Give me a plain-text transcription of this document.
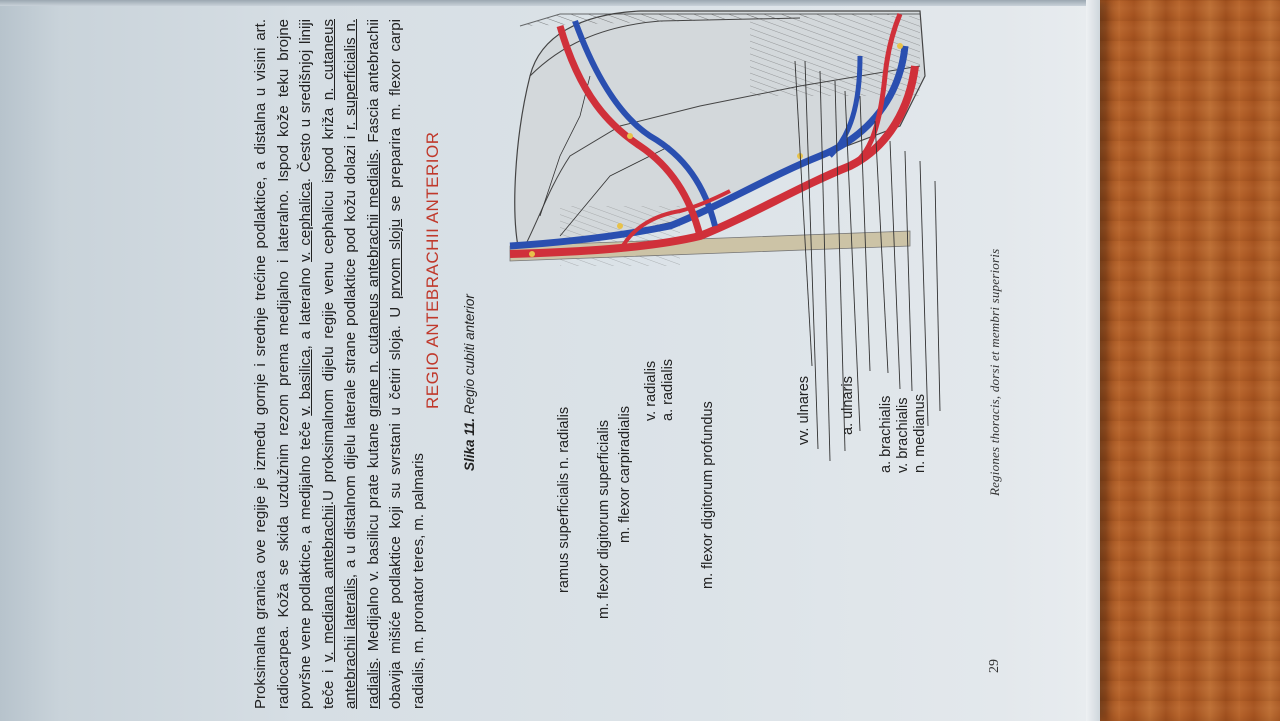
Regiones thoracis, dorsi et membri superioris
29
n. medianus
v. brachialis
a. brachialis
a. ulnaris
vv. ulnares
m. flexor digitorum profundus
a. radialis
v. radialis
m. flexor carpiradialis
m. flexor digitorum superficialis
ramus superficialis n. radialis
Slika 11. Regio cubiti anterior
REGIO ANTEBRACHII ANTERIOR

Proksimalna granica ove regije je između gornje i srednje trećine podlaktice, a distalna u visini art. radiocarpea. Koža se skida uzdužnim rezom prema medijalno i lateralno. Ispod kože teku brojne površne vene podlaktice, a medijalno teče v. basilica, a lateralno v. cephalica. Često u središnjoj liniji teče i v. mediana antebrachii.U proksimalnom dijelu regije venu cephalicu ispod križa n. cutaneus antebrachii lateralis, a u distalnom dijelu laterale strane podlaktice pod kožu dolazi i r. superficialis n. radialis. Medijalno v. basilicu prate kutane grane n. cutaneus antebrachii medialis. Fascia antebrachii obavija mišiće podlaktice koji su svrstani u četiri sloja. U prvom sloju se preparira m. flexor carpi radialis, m. pronator teres, m. palmaris
